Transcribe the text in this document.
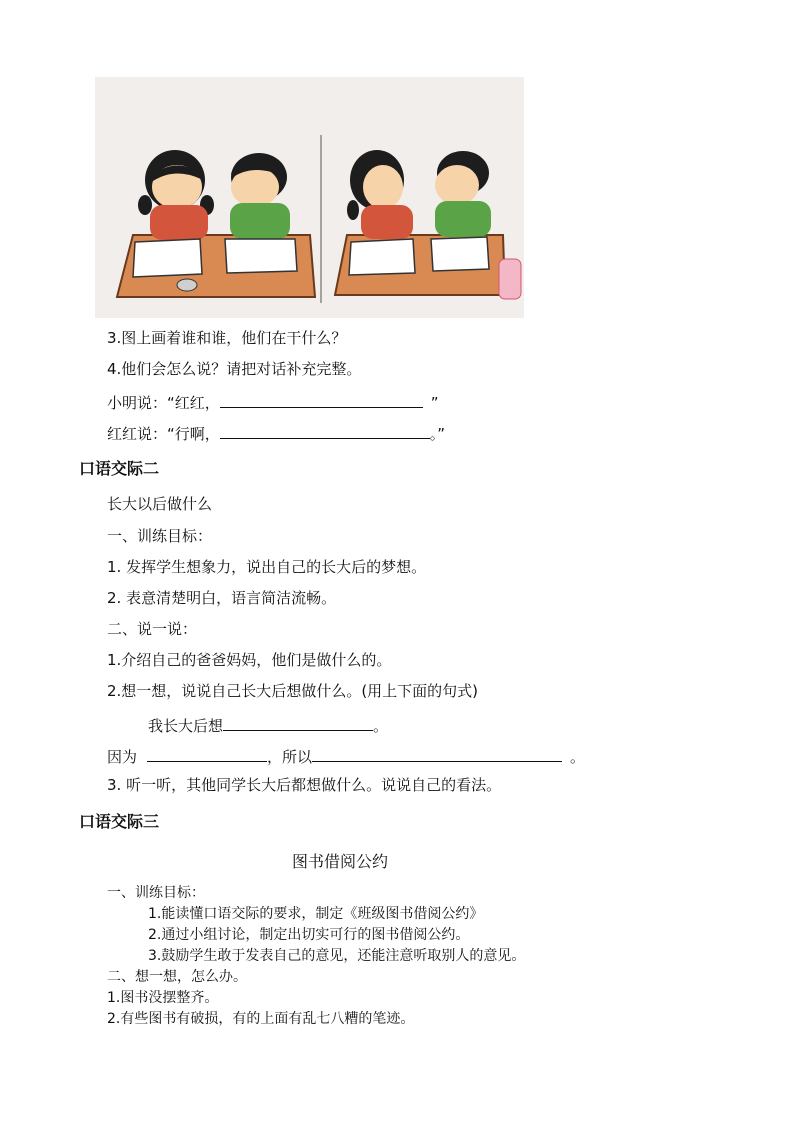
3.图上画着谁和谁，他们在干什么？
4.他们会怎么说？请把对话补充完整。
小明说：“红红，	”
红红说：“行啊，	。”
口语交际二
长大以后做什么
一、训练目标：
1. 发挥学生想象力，说出自己的长大后的梦想。
2. 表意清楚明白，语言简洁流畅。
二、说一说：
1.介绍自己的爸爸妈妈，他们是做什么的。
2.想一想，说说自己长大后想做什么。(用上下面的句式)
我长大后想	。
因为	，所以	。
3. 听一听，其他同学长大后都想做什么。说说自己的看法。
口语交际三
图书借阅公约
一、训练目标：
1.能读懂口语交际的要求，制定《班级图书借阅公约》
2.通过小组讨论，制定出切实可行的图书借阅公约。
3.鼓励学生敢于发表自己的意见，还能注意听取别人的意见。
二、想一想，怎么办。
1.图书没摆整齐。
2.有些图书有破损，有的上面有乱七八糟的笔迹。
